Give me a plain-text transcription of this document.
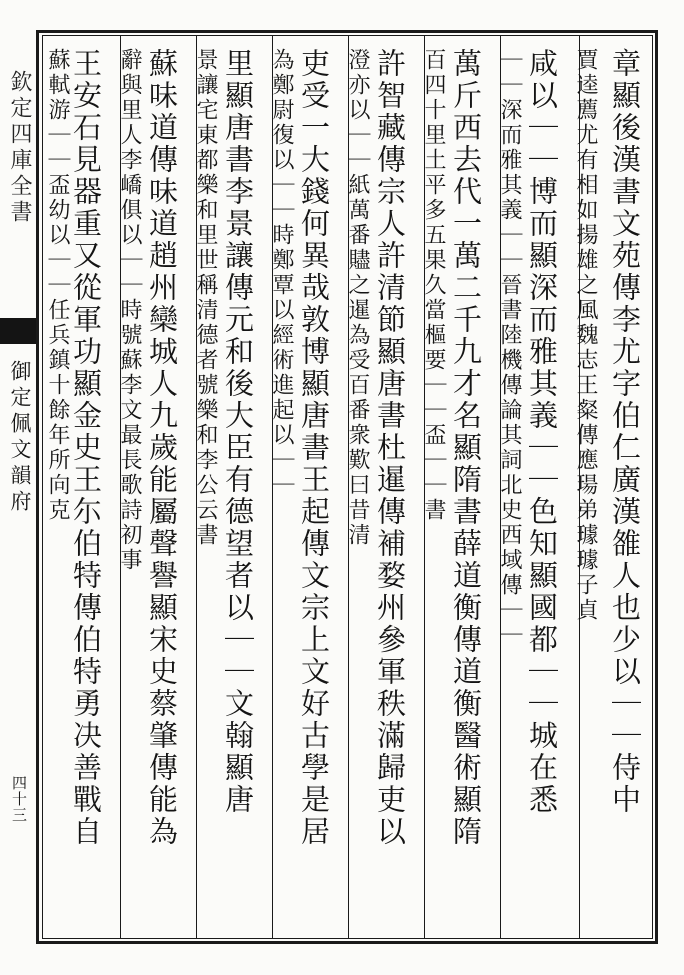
欽定四庫全書
御定佩文韻府
四十三	章顯後漢書文苑傳李尤字伯仁廣漢雒人也少以｜｜侍中
賈逵薦尤有相如揚雄之風魏志王粲傳應瑒弟璩璩子貞
咸以｜｜博而顯深而雅其義｜｜色知顯國都｜｜城在悉
｜｜深而雅其義｜｜晉書陸機傳論其詞北史西域傳｜｜
萬斤西去代一萬二千九才名顯隋書薛道衡傳道衡醫術顯隋
百四十里土平多五果久當樞要｜｜盃｜｜書
許智藏傳宗人許清節顯唐書杜暹傳補婺州參軍秩滿歸吏以
澄亦以｜｜紙萬番贐之暹為受百番衆歎曰昔清
吏受一大錢何異哉敦博顯唐書王起傳文宗上文好古學是居
為鄭尉復以｜｜時鄭覃以經術進起以｜｜
里顯唐書李景讓傳元和後大臣有德望者以｜｜文翰顯唐
景讓宅東都樂和里世稱清德者號樂和李公云書
蘇味道傳味道趙州欒城人九歲能屬聲譽顯宋史蔡肇傳能為
辭與里人李嶠俱以｜｜時號蘇李文最長歌詩初事
王安石見器重又從軍功顯金史王尓伯特傳伯特勇决善戰自
蘇軾游｜｜盃幼以｜｜任兵鎮十餘年所向克
